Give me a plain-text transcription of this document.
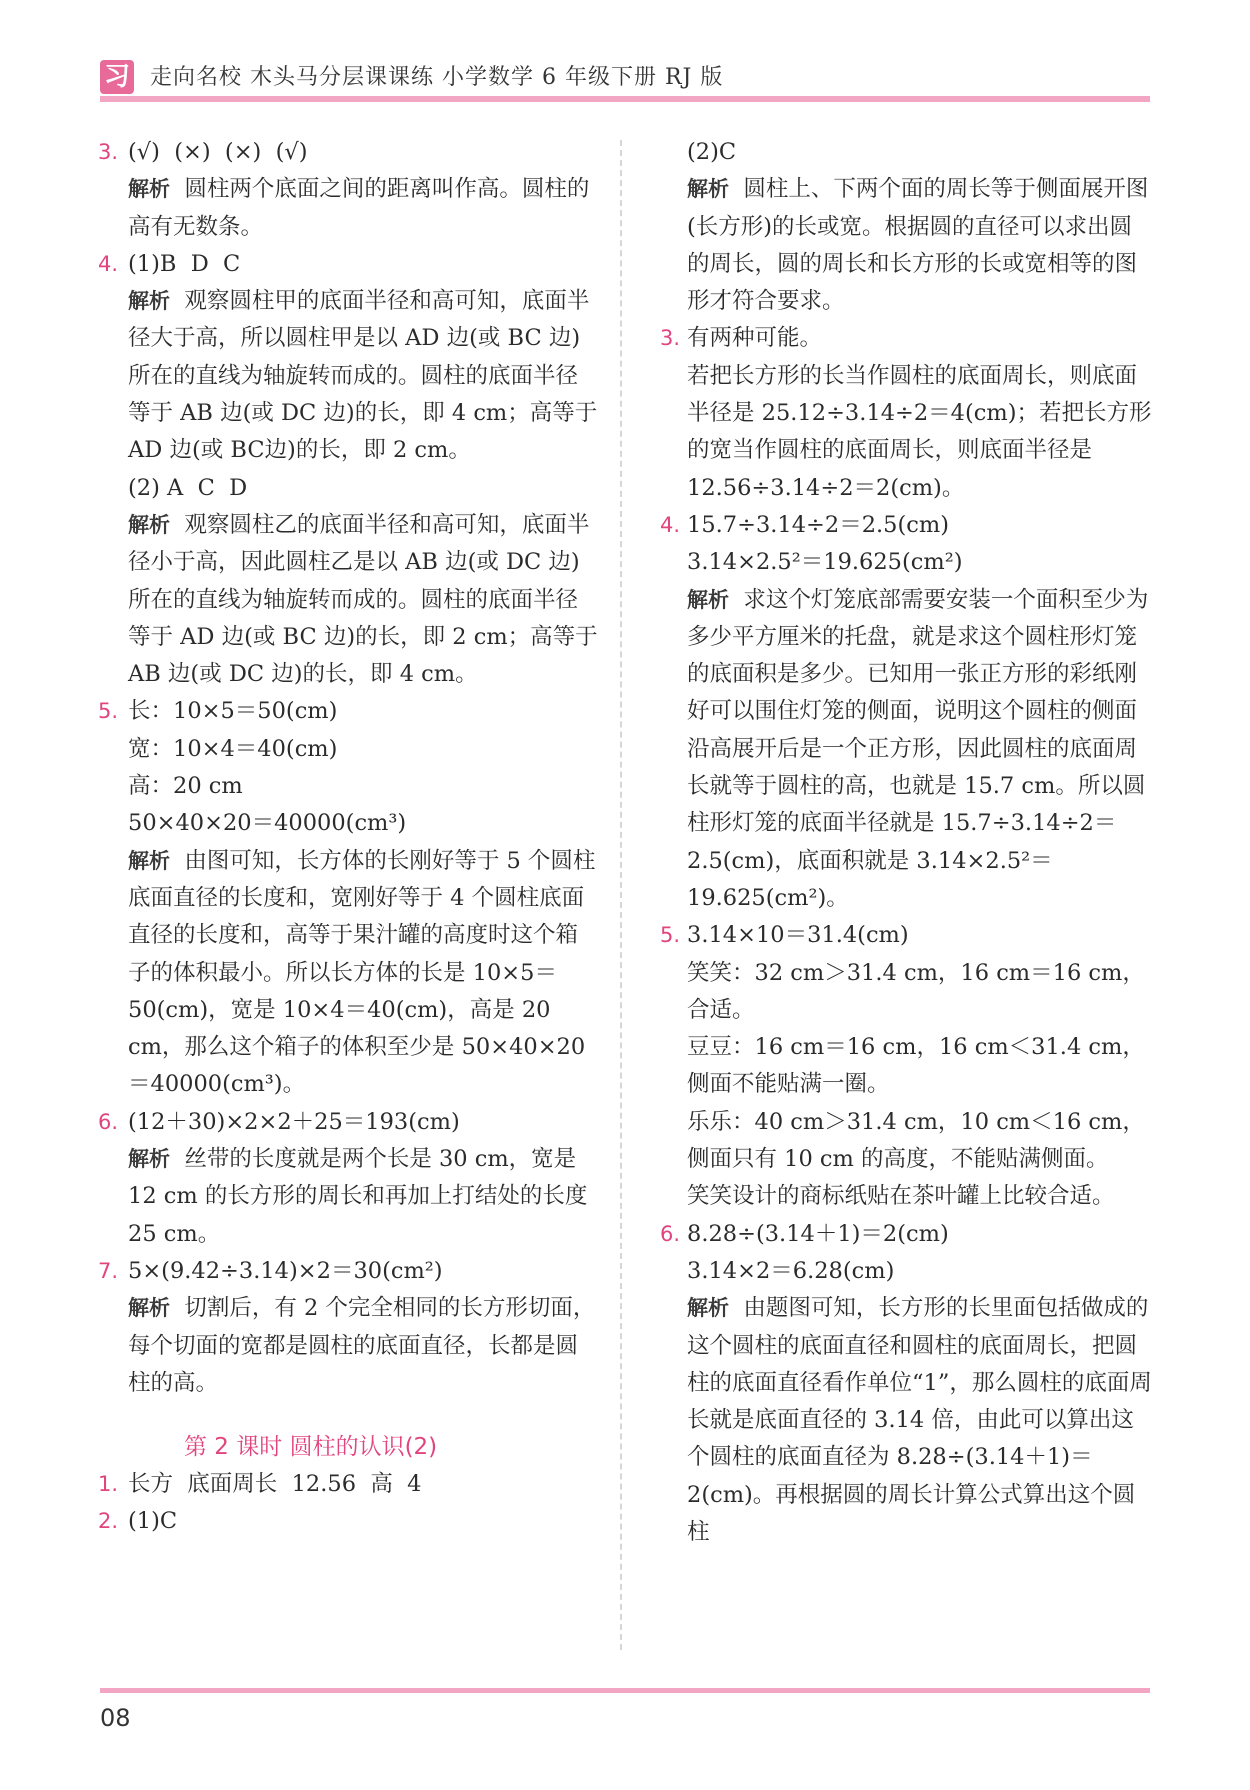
习 走向名校 木头马分层课课练 小学数学 6 年级下册 RJ 版
3. (√)  (×)  (×)  (√)
解析 圆柱两个底面之间的距离叫作高。圆柱的高有无数条。
4. (1)B  D  C
解析 观察圆柱甲的底面半径和高可知，底面半径大于高，所以圆柱甲是以 AD 边(或 BC 边)所在的直线为轴旋转而成的。圆柱的底面半径等于 AB 边(或 DC 边)的长，即 4 cm；高等于 AD 边(或 BC边)的长，即 2 cm。
(2) A  C  D
解析 观察圆柱乙的底面半径和高可知，底面半径小于高，因此圆柱乙是以 AB 边(或 DC 边)所在的直线为轴旋转而成的。圆柱的底面半径等于 AD 边(或 BC 边)的长，即 2 cm；高等于 AB 边(或 DC 边)的长，即 4 cm。
5. 长：10×5＝50(cm)
宽：10×4＝40(cm)
高：20 cm
50×40×20＝40000(cm³)
解析 由图可知，长方体的长刚好等于 5 个圆柱底面直径的长度和，宽刚好等于 4 个圆柱底面直径的长度和，高等于果汁罐的高度时这个箱子的体积最小。所以长方体的长是 10×5＝50(cm)，宽是 10×4＝40(cm)，高是 20 cm，那么这个箱子的体积至少是 50×40×20＝40000(cm³)。
6. (12＋30)×2×2＋25＝193(cm)
解析 丝带的长度就是两个长是 30 cm，宽是 12 cm 的长方形的周长和再加上打结处的长度 25 cm。
7. 5×(9.42÷3.14)×2＝30(cm²)
解析 切割后，有 2 个完全相同的长方形切面，每个切面的宽都是圆柱的底面直径，长都是圆柱的高。
第 2 课时 圆柱的认识(2)
1. 长方  底面周长  12.56  高  4
2. (1)C
(2)C
解析 圆柱上、下两个面的周长等于侧面展开图(长方形)的长或宽。根据圆的直径可以求出圆的周长，圆的周长和长方形的长或宽相等的图形才符合要求。
3. 有两种可能。
若把长方形的长当作圆柱的底面周长，则底面半径是 25.12÷3.14÷2＝4(cm)；若把长方形的宽当作圆柱的底面周长，则底面半径是 12.56÷3.14÷2＝2(cm)。
4. 15.7÷3.14÷2＝2.5(cm)
3.14×2.5²＝19.625(cm²)
解析 求这个灯笼底部需要安装一个面积至少为多少平方厘米的托盘，就是求这个圆柱形灯笼的底面积是多少。已知用一张正方形的彩纸刚好可以围住灯笼的侧面，说明这个圆柱的侧面沿高展开后是一个正方形，因此圆柱的底面周长就等于圆柱的高，也就是 15.7 cm。所以圆柱形灯笼的底面半径就是 15.7÷3.14÷2＝2.5(cm)，底面积就是 3.14×2.5²＝19.625(cm²)。
5. 3.14×10＝31.4(cm)
笑笑：32 cm＞31.4 cm，16 cm＝16 cm，合适。
豆豆：16 cm＝16 cm，16 cm＜31.4 cm，侧面不能贴满一圈。
乐乐：40 cm＞31.4 cm，10 cm＜16 cm，侧面只有 10 cm 的高度，不能贴满侧面。
笑笑设计的商标纸贴在茶叶罐上比较合适。
6. 8.28÷(3.14＋1)＝2(cm)
3.14×2＝6.28(cm)
解析 由题图可知，长方形的长里面包括做成的这个圆柱的底面直径和圆柱的底面周长，把圆柱的底面直径看作单位“1”，那么圆柱的底面周长就是底面直径的 3.14 倍，由此可以算出这个圆柱的底面直径为 8.28÷(3.14＋1)＝2(cm)。再根据圆的周长计算公式算出这个圆柱
08
